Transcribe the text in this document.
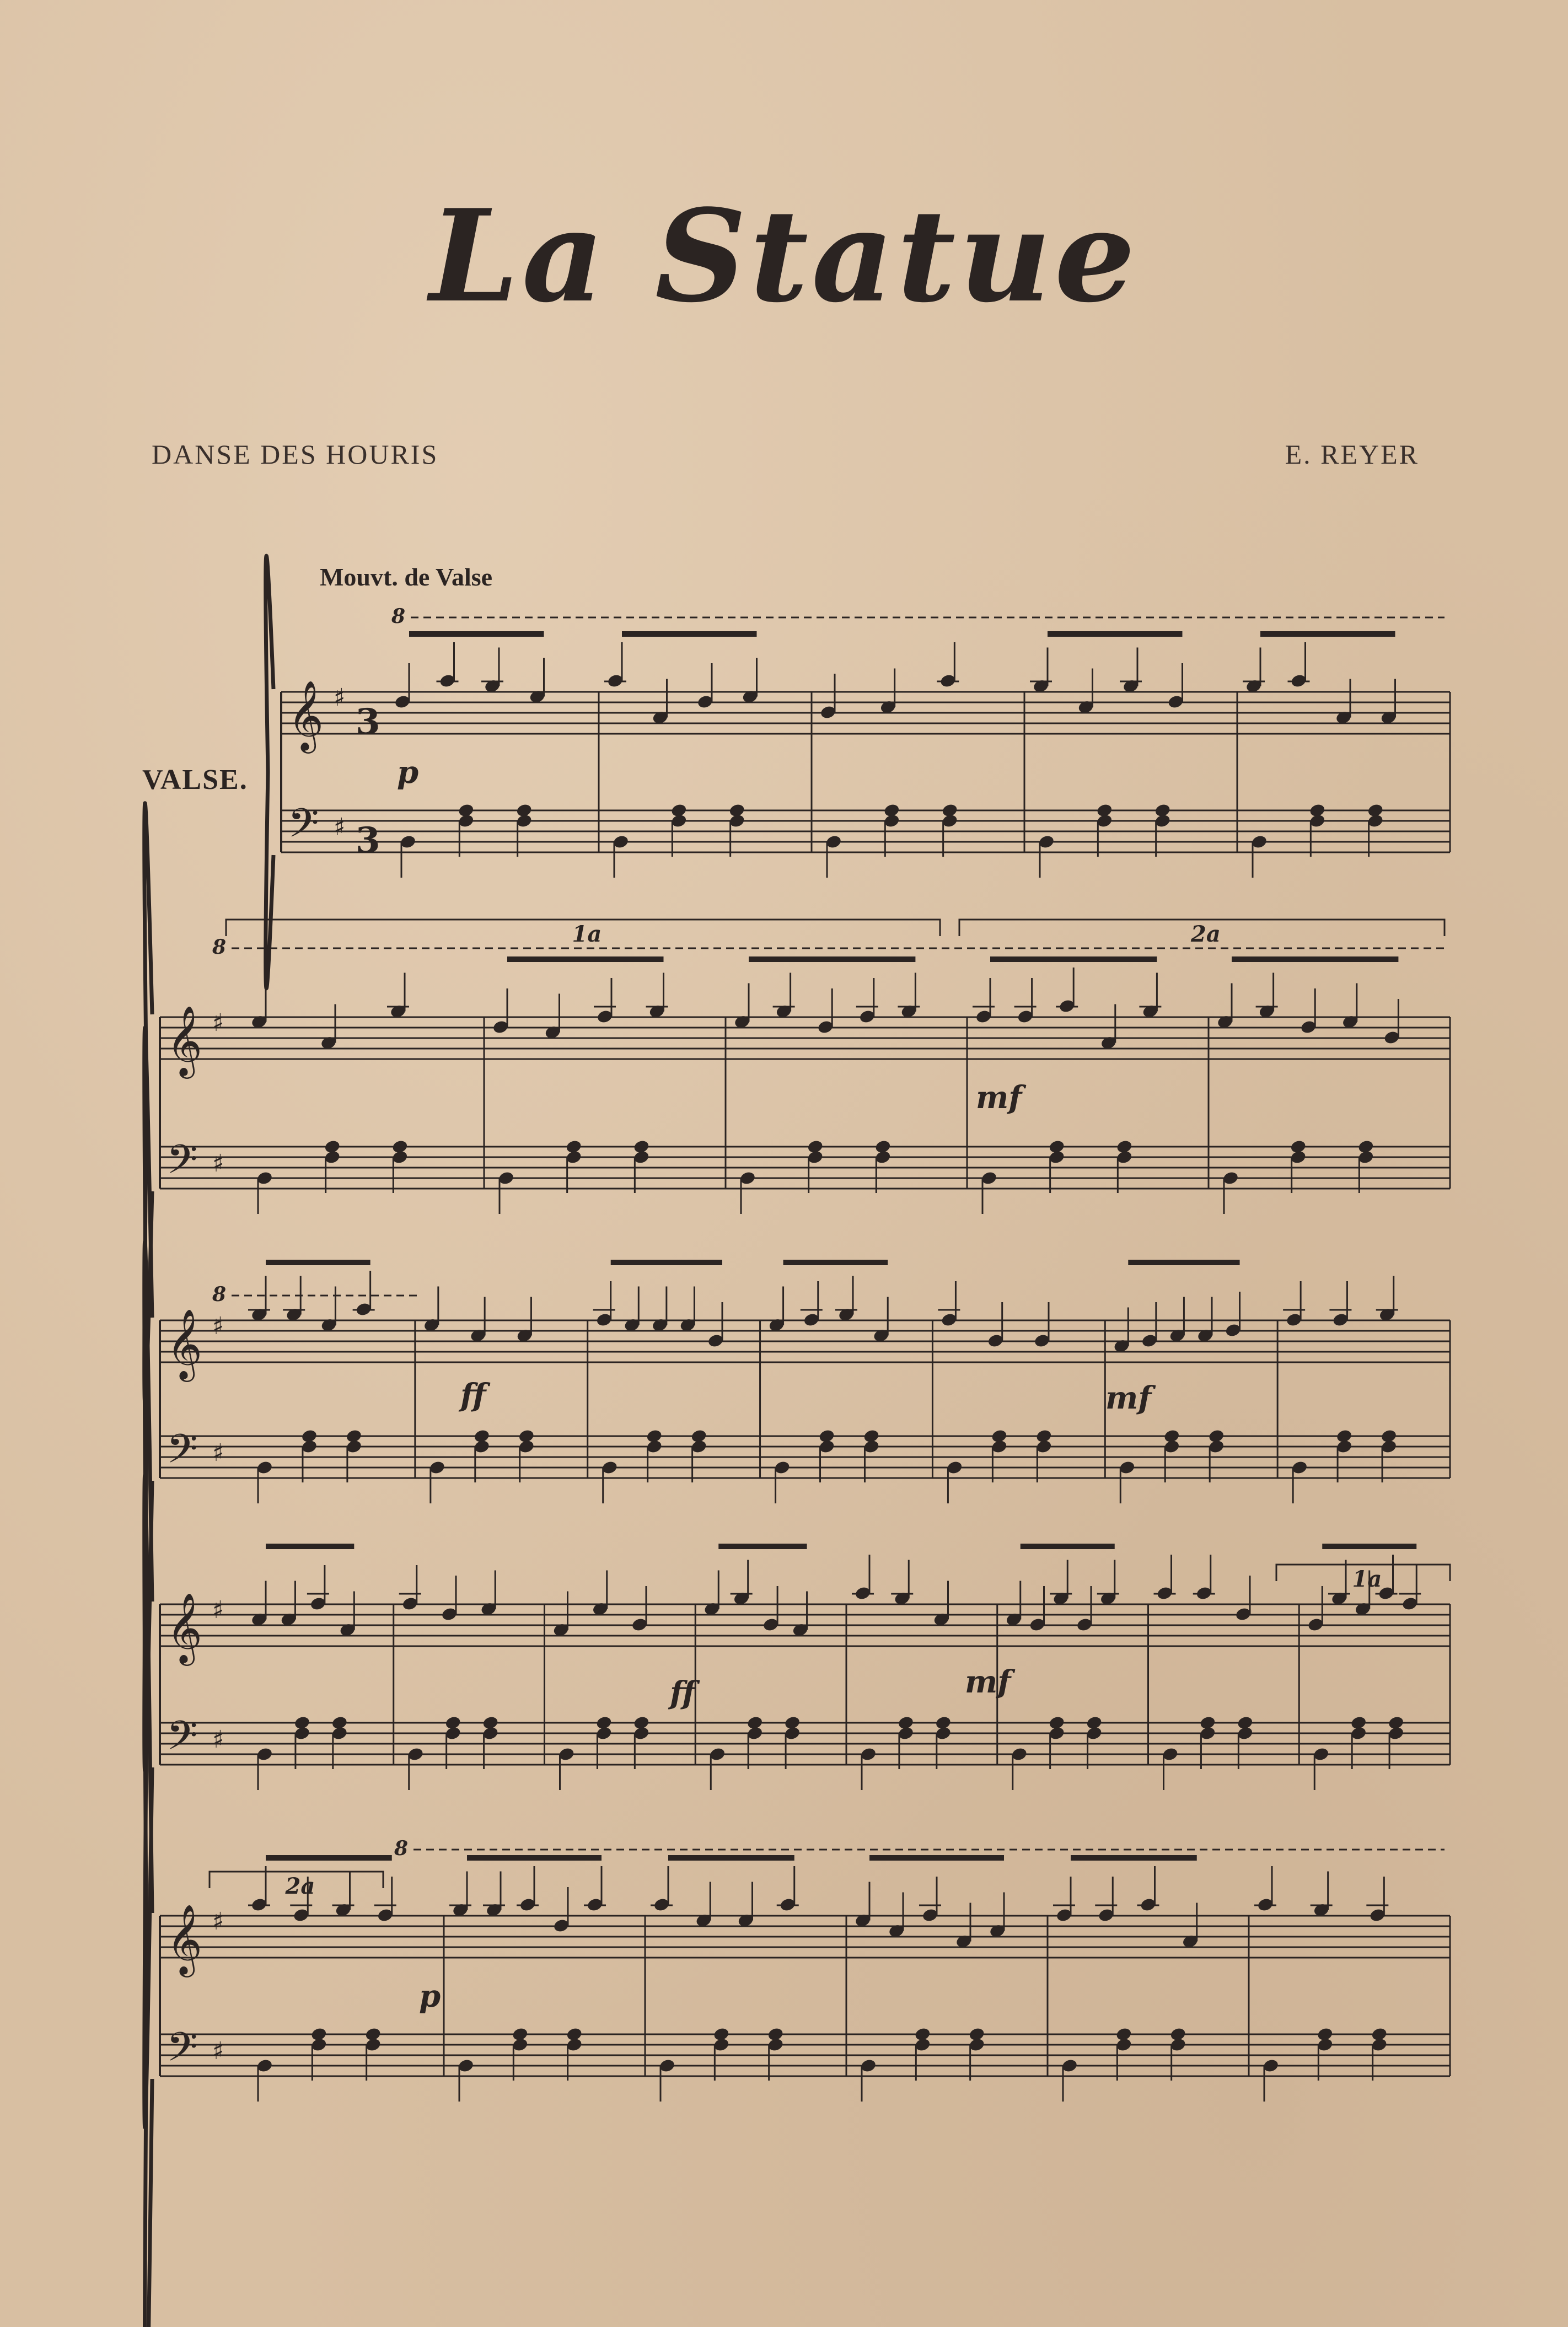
La Statue
DANSE DES HOURIS	E. REYER
Mouvt. de Valse
VALSE.
𝄞
𝄢
♯
♯
3
3
𝄞
𝄢
♯
♯
𝄞
𝄢
♯
♯
𝄞
𝄢
♯
♯
𝄞
𝄢
♯
♯
8
8
8
8
1a	2a
1a
2a
p
mf
ff	mf
ff	mf
p
